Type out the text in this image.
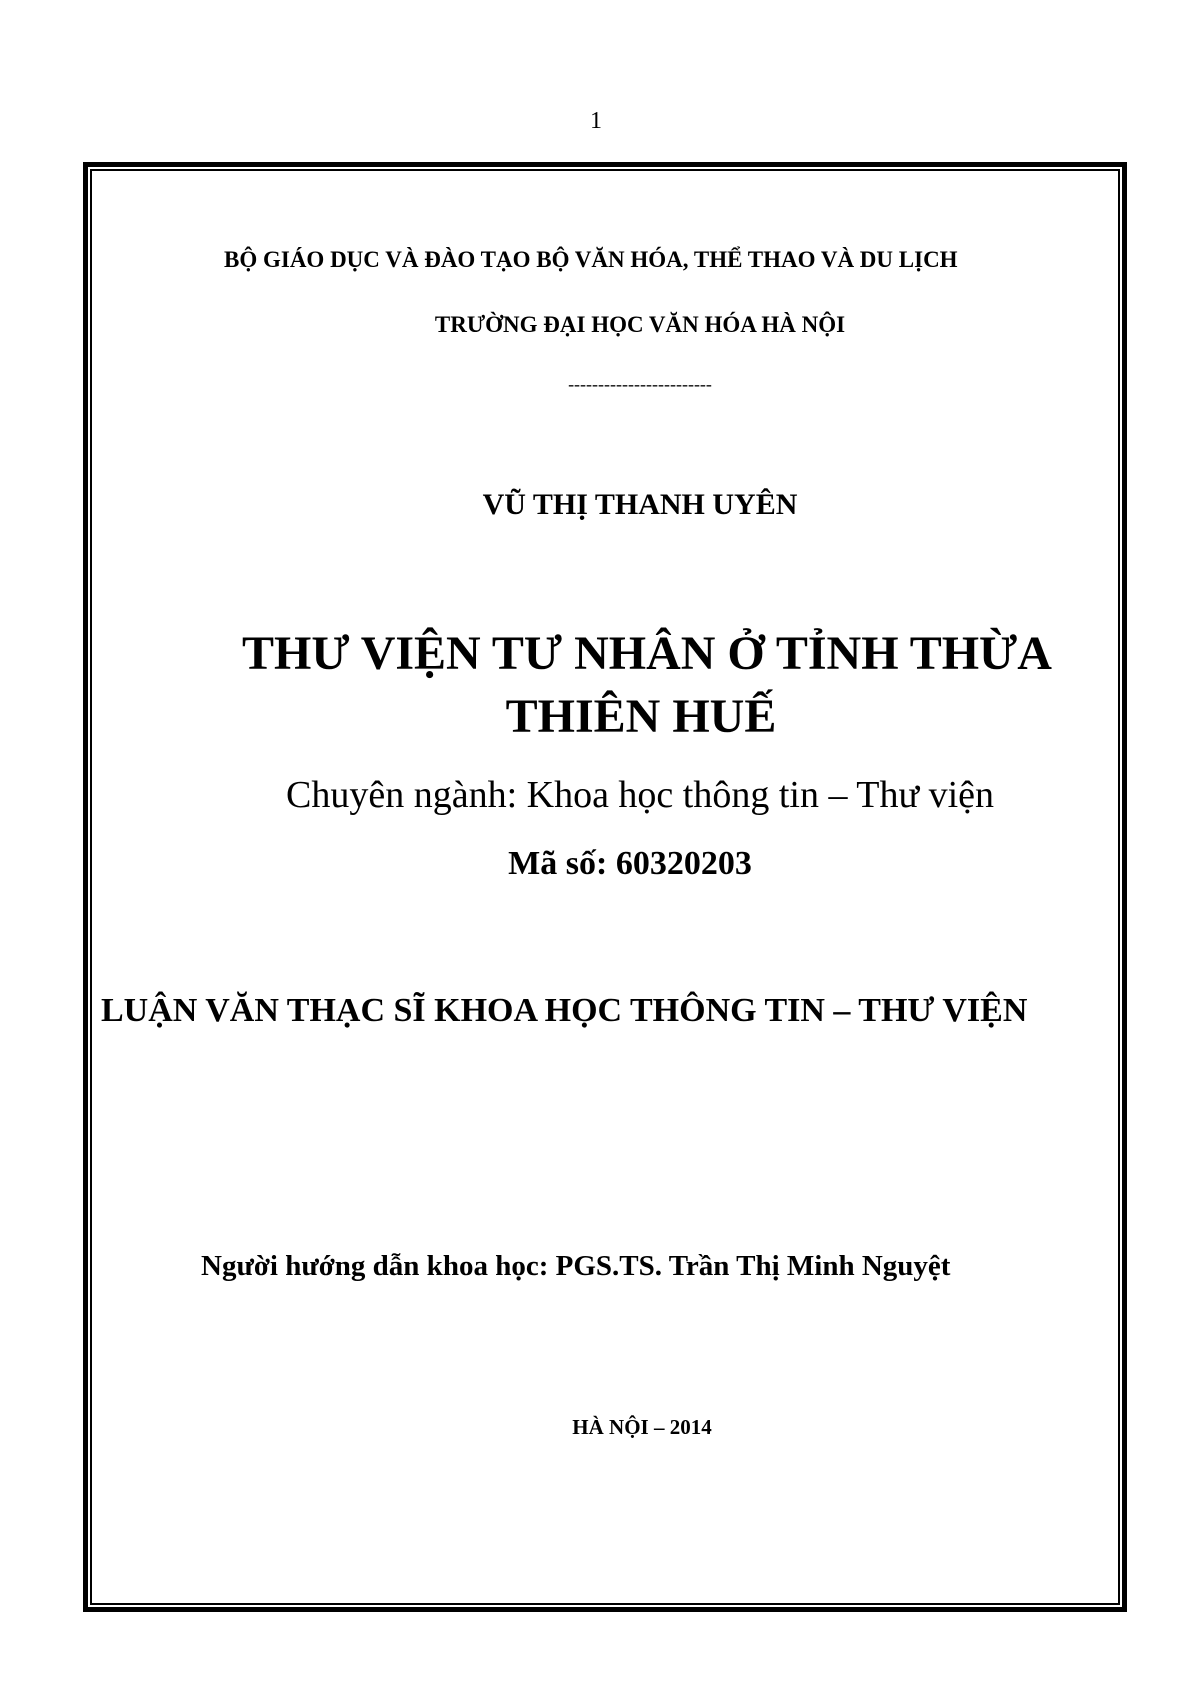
1
BỘ GIÁO DỤC VÀ ĐÀO TẠO BỘ VĂN HÓA, THỂ THAO VÀ DU LỊCH
TRƯỜNG ĐẠI HỌC VĂN HÓA HÀ NỘI
------------------------
VŨ THỊ THANH UYÊN
THƯ VIỆN TƯ NHÂN Ở TỈNH THỪA
THIÊN HUẾ
Chuyên ngành: Khoa học thông tin – Thư viện
Mã số: 60320203
LUẬN VĂN THẠC SĨ KHOA HỌC THÔNG TIN – THƯ VIỆN
Người hướng dẫn khoa học: PGS.TS. Trần Thị Minh Nguyệt
HÀ NỘI – 2014
